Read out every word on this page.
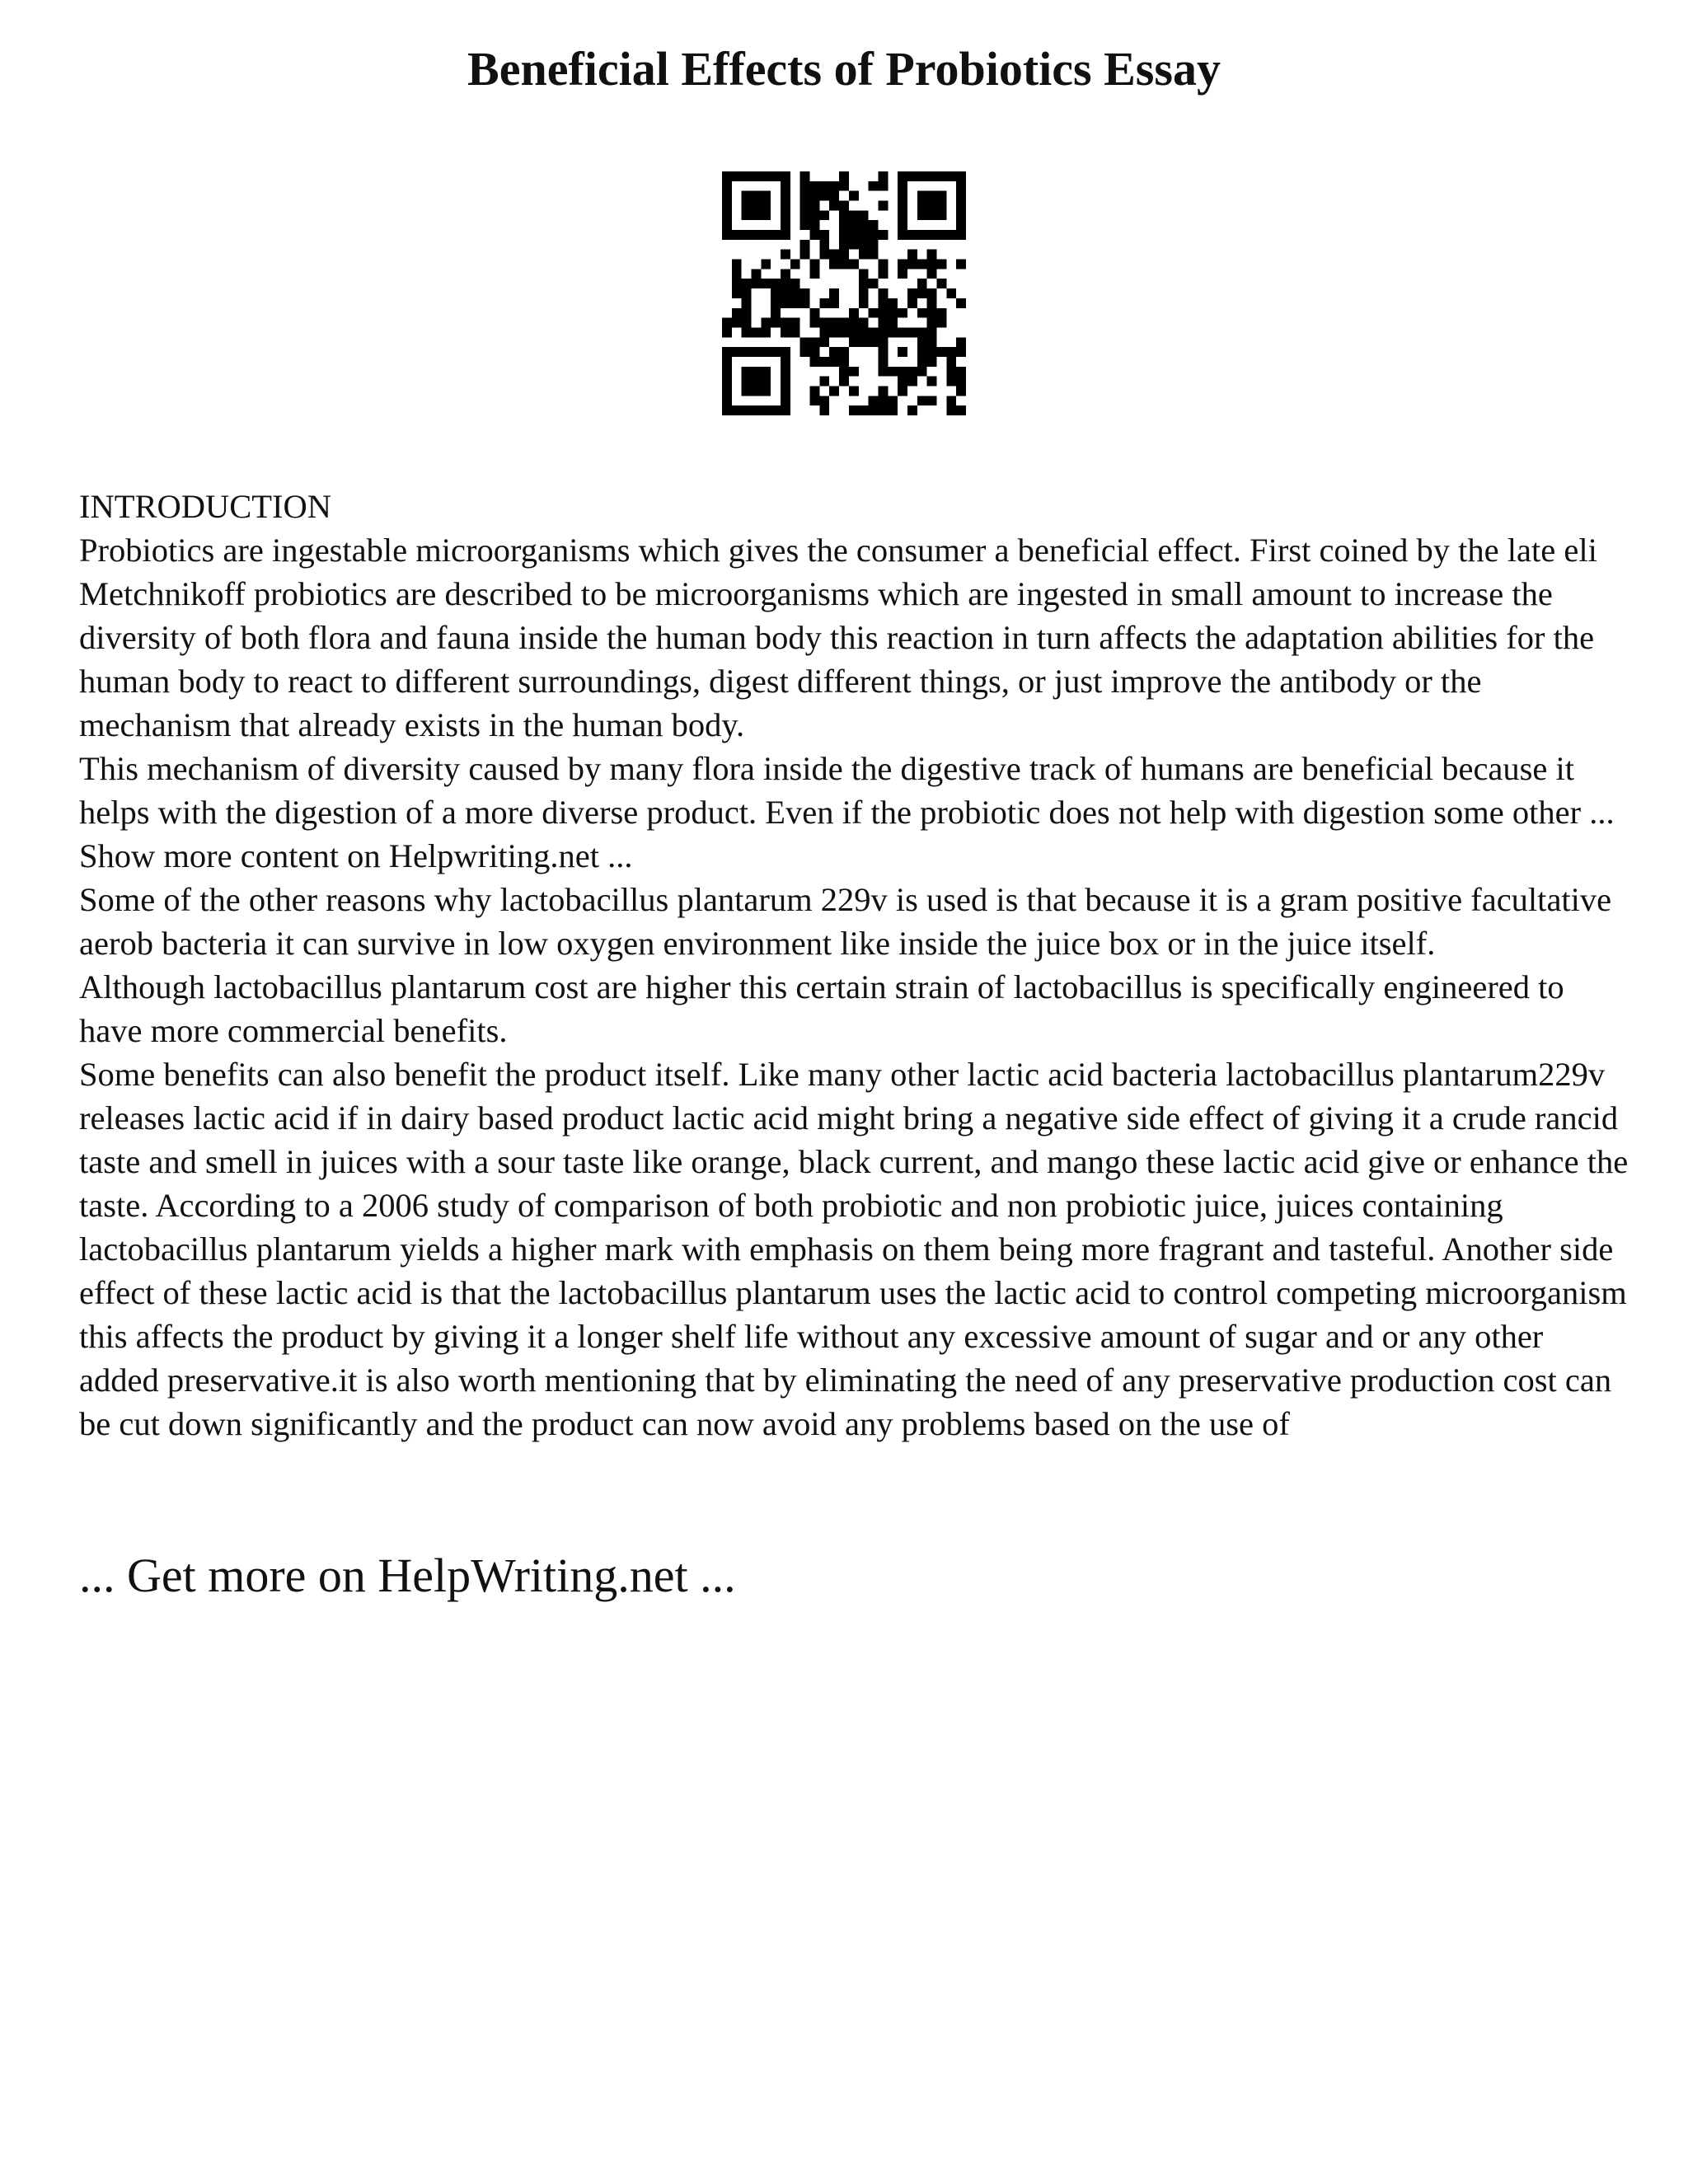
Beneficial Effects of Probiotics Essay

INTRODUCTION

Probiotics are ingestable microorganisms which gives the consumer a beneficial effect. First coined by the late eli Metchnikoff probiotics are described to be microorganisms which are ingested in small amount to increase the diversity of both flora and fauna inside the human body this reaction in turn affects the adaptation abilities for the human body to react to different surroundings, digest different things, or just improve the antibody or the mechanism that already exists in the human body.

This mechanism of diversity caused by many flora inside the digestive track of humans are beneficial because it helps with the digestion of a more diverse product. Even if the probiotic does not help with digestion some other ... Show more content on Helpwriting.net ...

Some of the other reasons why lactobacillus plantarum 229v is used is that because it is a gram positive facultative aerob bacteria it can survive in low oxygen environment like inside the juice box or in the juice itself.

Although lactobacillus plantarum cost are higher this certain strain of lactobacillus is specifically engineered to have more commercial benefits.

Some benefits can also benefit the product itself. Like many other lactic acid bacteria lactobacillus plantarum229v releases lactic acid if in dairy based product lactic acid might bring a negative side effect of giving it a crude rancid taste and smell in juices with a sour taste like orange, black current, and mango these lactic acid give or enhance the taste. According to a 2006 study of comparison of both probiotic and non probiotic juice, juices containing lactobacillus plantarum yields a higher mark with emphasis on them being more fragrant and tasteful. Another side effect of these lactic acid is that the lactobacillus plantarum uses the lactic acid to control competing microorganism this affects the product by giving it a longer shelf life without any excessive amount of sugar and or any other added preservative.it is also worth mentioning that by eliminating the need of any preservative production cost can be cut down significantly and the product can now avoid any problems based on the use of

... Get more on HelpWriting.net ...
